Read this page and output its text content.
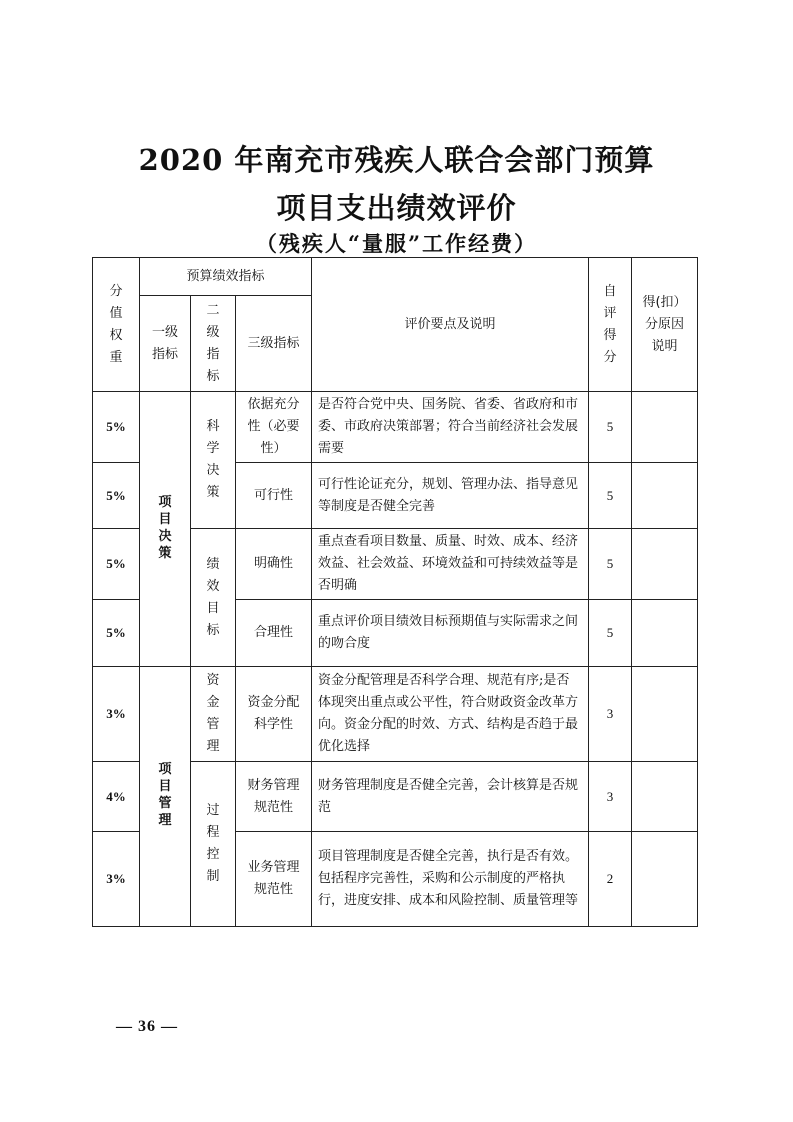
2020 年南充市残疾人联合会部门预算
项目支出绩效评价
（残疾人“量服”工作经费）
分值权重	预算绩效指标			评价要点及说明	自评得分	得(扣）分原因说明
	一级指标	二级指标	三级指标			
5%	项目决策	科学决策	依据充分性（必要性）	是否符合党中央、国务院、省委、省政府和市委、市政府决策部署；符合当前经济社会发展需要	5	
5%			可行性	可行性论证充分，规划、管理办法、指导意见等制度是否健全完善	5	
5%		绩效目标	明确性	重点查看项目数量、质量、时效、成本、经济效益、社会效益、环境效益和可持续效益等是否明确	5	
5%			合理性	重点评价项目绩效目标预期值与实际需求之间的吻合度	5	
3%	项目管理	资金管理	资金分配科学性	资金分配管理是否科学合理、规范有序;是否体现突出重点或公平性，符合财政资金改革方向。资金分配的时效、方式、结构是否趋于最优化选择	3	
4%		过程控制	财务管理规范性	财务管理制度是否健全完善，会计核算是否规范	3	
3%			业务管理规范性	项目管理制度是否健全完善，执行是否有效。包括程序完善性，采购和公示制度的严格执行，进度安排、成本和风险控制、质量管理等	2	
— 36 —
